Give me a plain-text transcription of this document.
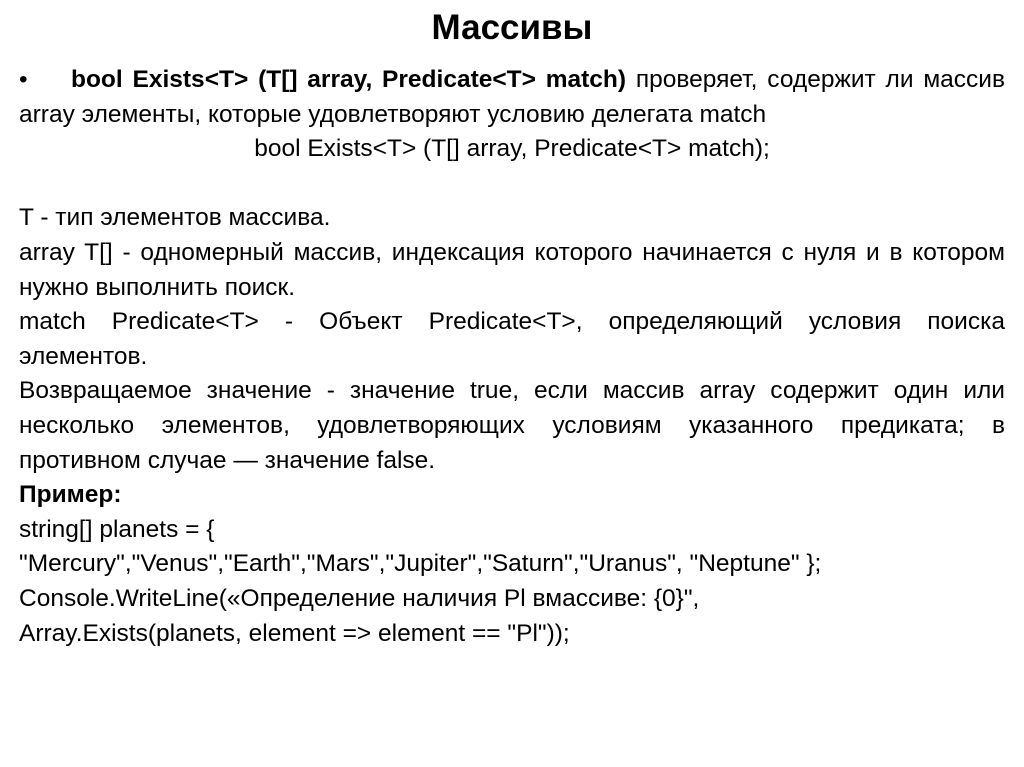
Массивы

• bool Exists<T> (T[] array, Predicate<T> match) проверяет, содержит ли массив array элементы, которые удовлетворяют условию делегата match

bool Exists<T> (T[] array, Predicate<T> match);

T - тип элементов массива.

array T[] - одномерный массив, индексация которого начинается с нуля и в котором нужно выполнить поиск.

match Predicate<T> - Объект Predicate<T>, определяющий условия поиска элементов.

Возвращаемое значение - значение true, если массив array содержит один или несколько элементов, удовлетворяющих условиям указанного предиката; в противном случае — значение false.

Пример:

string[] planets = {

"Mercury","Venus","Earth","Mars","Jupiter","Saturn","Uranus", "Neptune" };

Console.WriteLine(«Определение наличия Pl вмассиве: {0}",

Array.Exists(planets, element => element == "Pl"));
